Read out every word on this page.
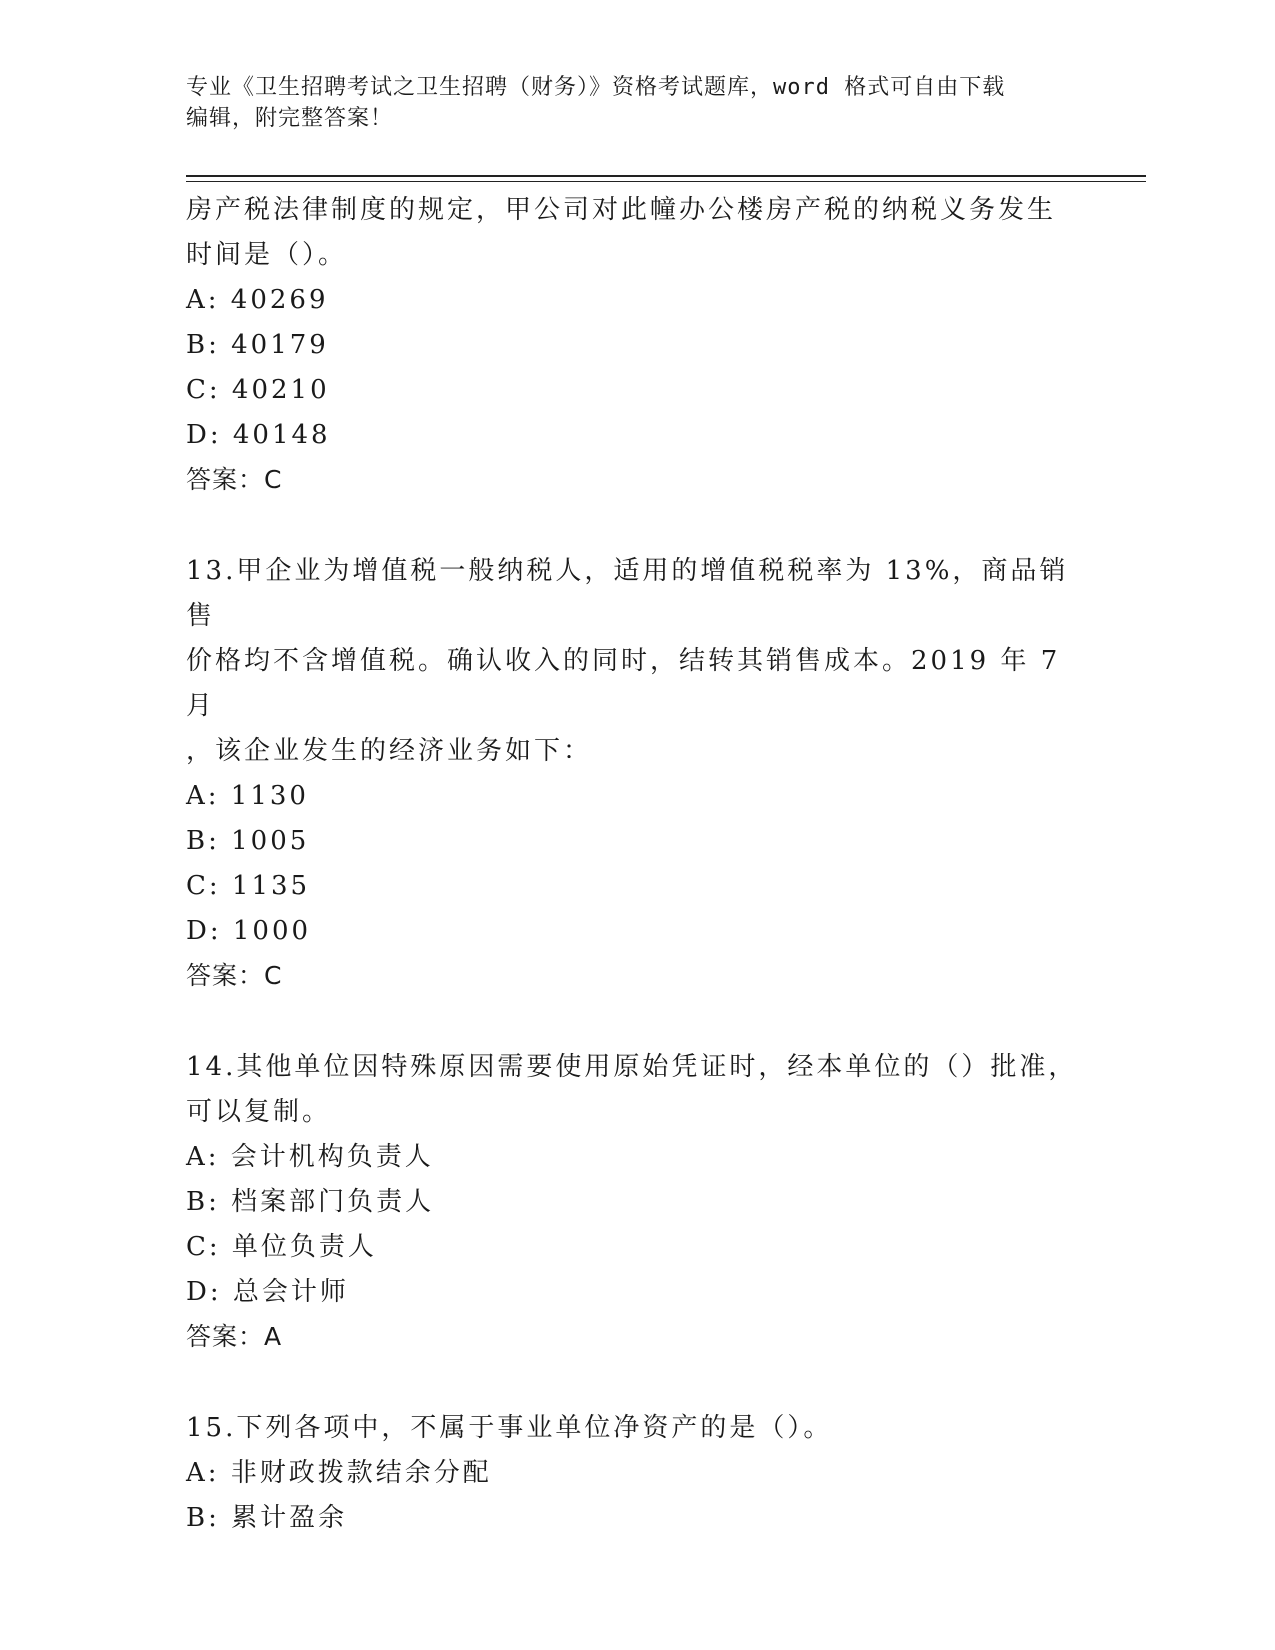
专业《卫生招聘考试之卫生招聘（财务）》资格考试题库，word 格式可自由下载
编辑，附完整答案！

房产税法律制度的规定，甲公司对此幢办公楼房产税的纳税义务发生

时间是（）。

A: 40269

B: 40179

C: 40210

D: 40148

答案：C

13.甲企业为增值税一般纳税人，适用的增值税税率为 13%，商品销售

价格均不含增值税。确认收入的同时，结转其销售成本。2019 年 7 月

，该企业发生的经济业务如下：

A: 1130

B: 1005

C: 1135

D: 1000

答案：C

14.其他单位因特殊原因需要使用原始凭证时，经本单位的（）批准，

可以复制。

A: 会计机构负责人

B: 档案部门负责人

C: 单位负责人

D: 总会计师

答案：A

15.下列各项中，不属于事业单位净资产的是（）。

A: 非财政拨款结余分配

B: 累计盈余
